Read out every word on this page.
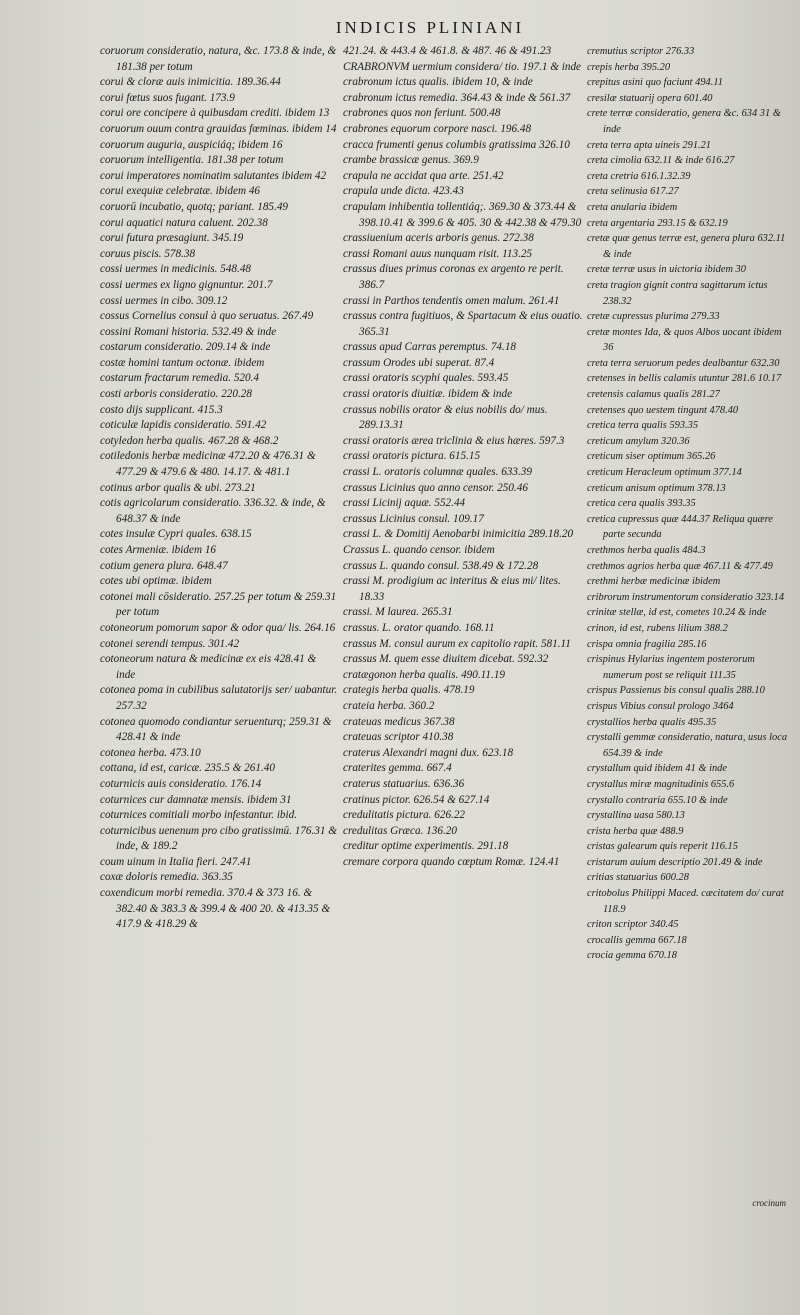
INDICIS PLINIANI
coruorum consideratio, natura, &c. 173.8 & inde, & 181.38 per totum
corui & cloræ auis inimicitia. 189.36.44
corui fœtus suos fugant. 173.9
corui ore concipere à quibusdam crediti. ibidem 13
coruorum ouum contra grauidas fœminas. ibidem 14
coruorum auguria, auspiciáq; ibidem 16
coruorum intelligentia. 181.38 per totum
corui imperatores nominatim salutantes ibidem 42
corui exequiæ celebratæ. ibidem 46
coruorū incubatio, quotq; pariant. 185.49
corui aquatici natura caluent. 202.38
corui futura præsagiunt. 345.19
coruus piscis. 578.38
cossi uermes in medicinis. 548.48
cossi uermes ex ligno gignuntur. 201.7
cossi uermes in cibo. 309.12
cossus Cornelius consul à quo seruatus. 267.49
cossini Romani historia. 532.49 & inde
costarum consideratio. 209.14 & inde
costæ homini tantum octonæ. ibidem
costarum fractarum remedia. 520.4
costi arboris consideratio. 220.28
costo dijs supplicant. 415.3
coticulæ lapidis consideratio. 591.42
cotyledon herba qualis. 467.28 & 468.2
cotiledonis herbæ medicinæ 472.20 & 476.31 & 477.29 & 479.6 & 480. 14.17. & 481.1
cotinus arbor qualis & ubi. 273.21
cotis agricolarum consideratio. 336.32. & inde, & 648.37 & inde
cotes insulæ Cypri quales. 638.15
cotes Armeniæ. ibidem 16
cotium genera plura. 648.47
cotes ubi optimæ. ibidem
cotonei mali cōsideratio. 257.25 per totum & 259.31 per totum
cotoneorum pomorum sapor & odor qua/ lis. 264.16
cotonei serendi tempus. 301.42
cotoneorum natura & medicinæ ex eis 428.41 & inde
cotonea poma in cubilibus salutatorijs ser/ uabantur. 257.32
cotonea quomodo condiantur seruenturq; 259.31 & 428.41 & inde
cotonea herba. 473.10
cottana, id est, caricæ. 235.5 & 261.40
coturnicis auis consideratio. 176.14
coturnices cur damnatæ mensis. ibidem 31
coturnices comitiali morbo infestantur. ibid.
coturnicibus uenenum pro cibo gratissimū. 176.31 & inde, & 189.2
coum uinum in Italia fieri. 247.41
coxæ doloris remedia. 363.35
coxendicum morbi remedia. 370.4 & 373 16. & 382.40 & 383.3 & 399.4 & 400 20. & 413.35 & 417.9 & 418.29 &
421.24. & 443.4 & 461.8. & 487. 46 & 491.23
CRABRONVM uermium considera/ tio. 197.1 & inde
crabronum ictus qualis. ibidem 10, & inde
crabronum ictus remedia. 364.43 & inde & 561.37
crabrones quos non feriunt. 500.48
crabrones equorum corpore nasci. 196.48
cracca frumenti genus columbis gratissima 326.10
crambe brassicæ genus. 369.9
crapula ne accidat qua arte. 251.42
crapula unde dicta. 423.43
crapulam inhibentia tollentiáq;. 369.30 & 373.44 & 398.10.41 & 399.6 & 405. 30 & 442.38 & 479.30
crassiuenium aceris arboris genus. 272.38
crassi Romani auus nunquam risit. 113.25
crassus diues primus coronas ex argento re perit. 386.7
crassi in Parthos tendentis omen malum. 261.41
crassus contra fugitiuos, & Spartacum & eius ouatio. 365.31
crassus apud Carras peremptus. 74.18
crassum Orodes ubi superat. 87.4
crassi oratoris scyphi quales. 593.45
crassi oratoris diuitiæ. ibidem & inde
crassus nobilis orator & eius nobilis do/ mus. 289.13.31
crassi oratoris ærea triclinia & eius hæres. 597.3
crassi oratoris pictura. 615.15
crassi L. oratoris columnæ quales. 633.39
crassus Licinius quo anno censor. 250.46
crassi Licinij aquæ. 552.44
crassus Licinius consul. 109.17
crassi L. & Domitij Aenobarbi inimicitia 289.18.20
Crassus L. quando censor. ibidem
crassus L. quando consul. 538.49 & 172.28
crassi M. prodigium ac interitus & eius mi/ lites. 18.33
crassi. M laurea. 265.31
crassus. L. orator quando. 168.11
crassus M. consul aurum ex capitolio rapit. 581.11
crassus M. quem esse diuitem dicebat. 592.32
cratægonon herba qualis. 490.11.19
crategis herba qualis. 478.19
crateia herba. 360.2
crateuas medicus 367.38
crateuas scriptor 410.38
craterus Alexandri magni dux. 623.18
craterites gemma. 667.4
craterus statuarius. 636.36
cratinus pictor. 626.54 & 627.14
credulitatis pictura. 626.22
credulitas Græca. 136.20
creditur optime experimentis. 291.18
cremare corpora quando cœptum Romæ. 124.41
cremutius scriptor 276.33
crepis herba 395.20
crepitus asini quo faciunt 494.11
cresilæ statuarij opera 601.40
crete terræ consideratio, genera &c. 634 31 & inde
creta terra apta uineis 291.21
creta cimolia 632.11 & inde 616.27
creta cretria 616.1.32.39
creta selinusia 617.27
creta anularia ibidem
creta argentaria 293.15 & 632.19
cretæ quæ genus terræ est, genera plura 632.11 & inde
cretæ terræ usus in uictoria ibidem 30
creta tragion gignit contra sagittarum ictus 238.32
cretæ cupressus plurima 279.33
cretæ montes Ida, & quos Albos uocant ibidem 36
creta terra seruorum pedes dealbantur 632.30
cretenses in bellis calamis utuntur 281.6 10.17
cretensis calamus qualis 281.27
cretenses quo uestem tingunt 478.40
cretica terra qualis 593.35
creticum amylum 320.36
creticum siser optimum 365.26
creticum Heracleum optimum 377.14
creticum anisum optimum 378.13
cretica cera qualis 393.35
cretica cupressus quæ 444.37 Reliqua quære parte secunda
crethmos herba qualis 484.3
crethmos agrios herba quæ 467.11 & 477.49
crethmi herbæ medicinæ ibidem
cribrorum instrumentorum consideratio 323.14
crinitæ stellæ, id est, cometes 10.24 & inde
crinon, id est, rubens lilium 388.2
crispa omnia fragilia 285.16
crispinus Hylarius ingentem posterorum numerum post se reliquit 111.35
crispus Passienus bis consul qualis 288.10
crispus Vibius consul prologo 3464
crystallios herba qualis 495.35
crystalli gemmæ consideratio, natura, usus loca 654.39 & inde
crystallum quid ibidem 41 & inde
crystallus miræ magnitudinis 655.6
crystallo contraria 655.10 & inde
crystallina uasa 580.13
crista herba quæ 488.9
cristas galearum quis reperit 116.15
cristarum auium descriptio 201.49 & inde
critias statuarius 600.28
critobolus Philippi Maced. cæcitatem do/ curat 118.9
criton scriptor 340.45
crocallis gemma 667.18
crocia gemma 670.18
crocinum
